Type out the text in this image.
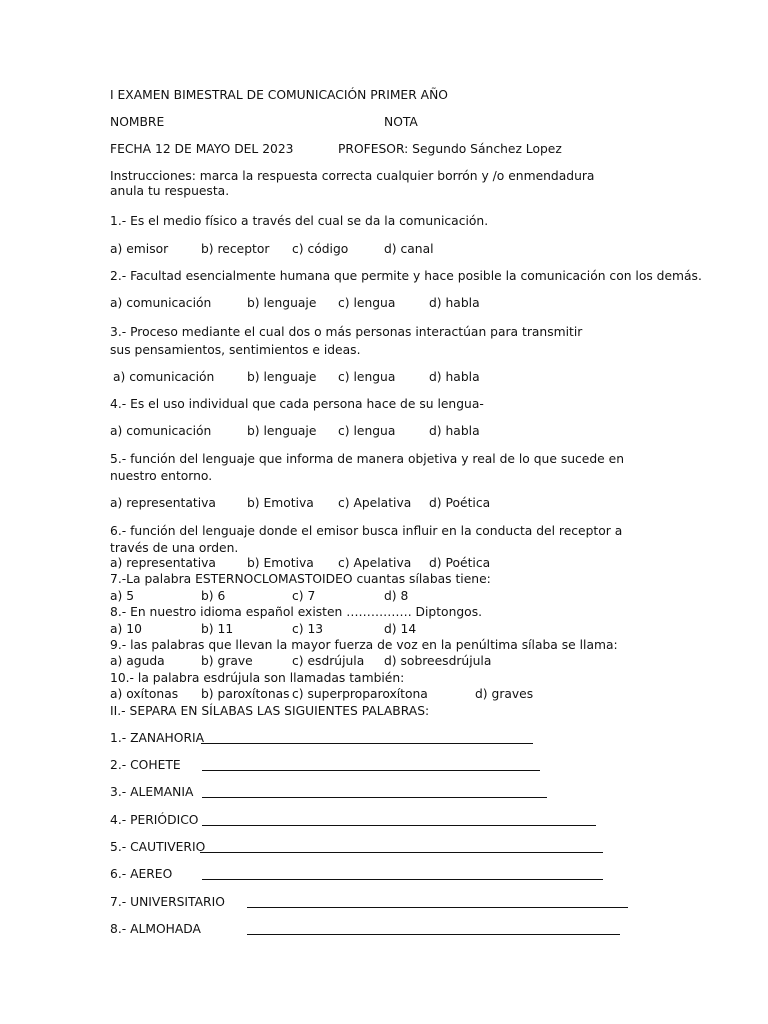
I EXAMEN BIMESTRAL DE COMUNICACIÓN PRIMER AÑO
NOMBRE	NOTA
FECHA 12 DE MAYO DEL 2023	PROFESOR: Segundo Sánchez Lopez
Instrucciones: marca la respuesta correcta cualquier borrón y /o enmendadura anula tu respuesta.
1.- Es el medio físico a través del cual se da la comunicación.
a) emisor	b) receptor c) código	d) canal
2.- Facultad esencialmente humana que permite y hace posible la comunicación con los demás.
a) comunicación	b) lenguaje c) lengua	d) habla
3.- Proceso mediante el cual dos o más personas interactúan para transmitir sus pensamientos, sentimientos e ideas.
a) comunicación	b) lenguaje c) lengua	d) habla
4.- Es el uso individual que cada persona hace de su lengua-
a) comunicación	b) lenguaje c) lengua	d) habla
5.- función del lenguaje que informa de manera objetiva y real de lo que sucede en nuestro entorno.
a) representativa	b) Emotiva c) Apelativa d) Poética
6.- función del lenguaje donde el emisor busca influir en la conducta del receptor a través de una orden.
a) representativa	b) Emotiva c) Apelativa d) Poética
7.-La palabra ESTERNOCLOMASTOIDEO cuantas sílabas tiene:
a) 5	b) 6	c) 7	d) 8
8.- En nuestro idioma español existen ……………. Diptongos.
a) 10	b) 11	c) 13	d) 14
9.- las palabras que llevan la mayor fuerza de voz en la penúltima sílaba se llama:
a) aguda	b) grave	c) esdrújula d) sobreesdrújula
10.- la palabra esdrújula son llamadas también:
a) oxítonas b) paroxítonas c) superproparoxítona	d) graves
II.- SEPARA EN SÍLABAS LAS SIGUIENTES PALABRAS:
1.- ZANAHORIA
2.- COHETE
3.- ALEMANIA
4.- PERIÓDICO
5.- CAUTIVERIO
6.- AEREO
7.- UNIVERSITARIO
8.- ALMOHADA
